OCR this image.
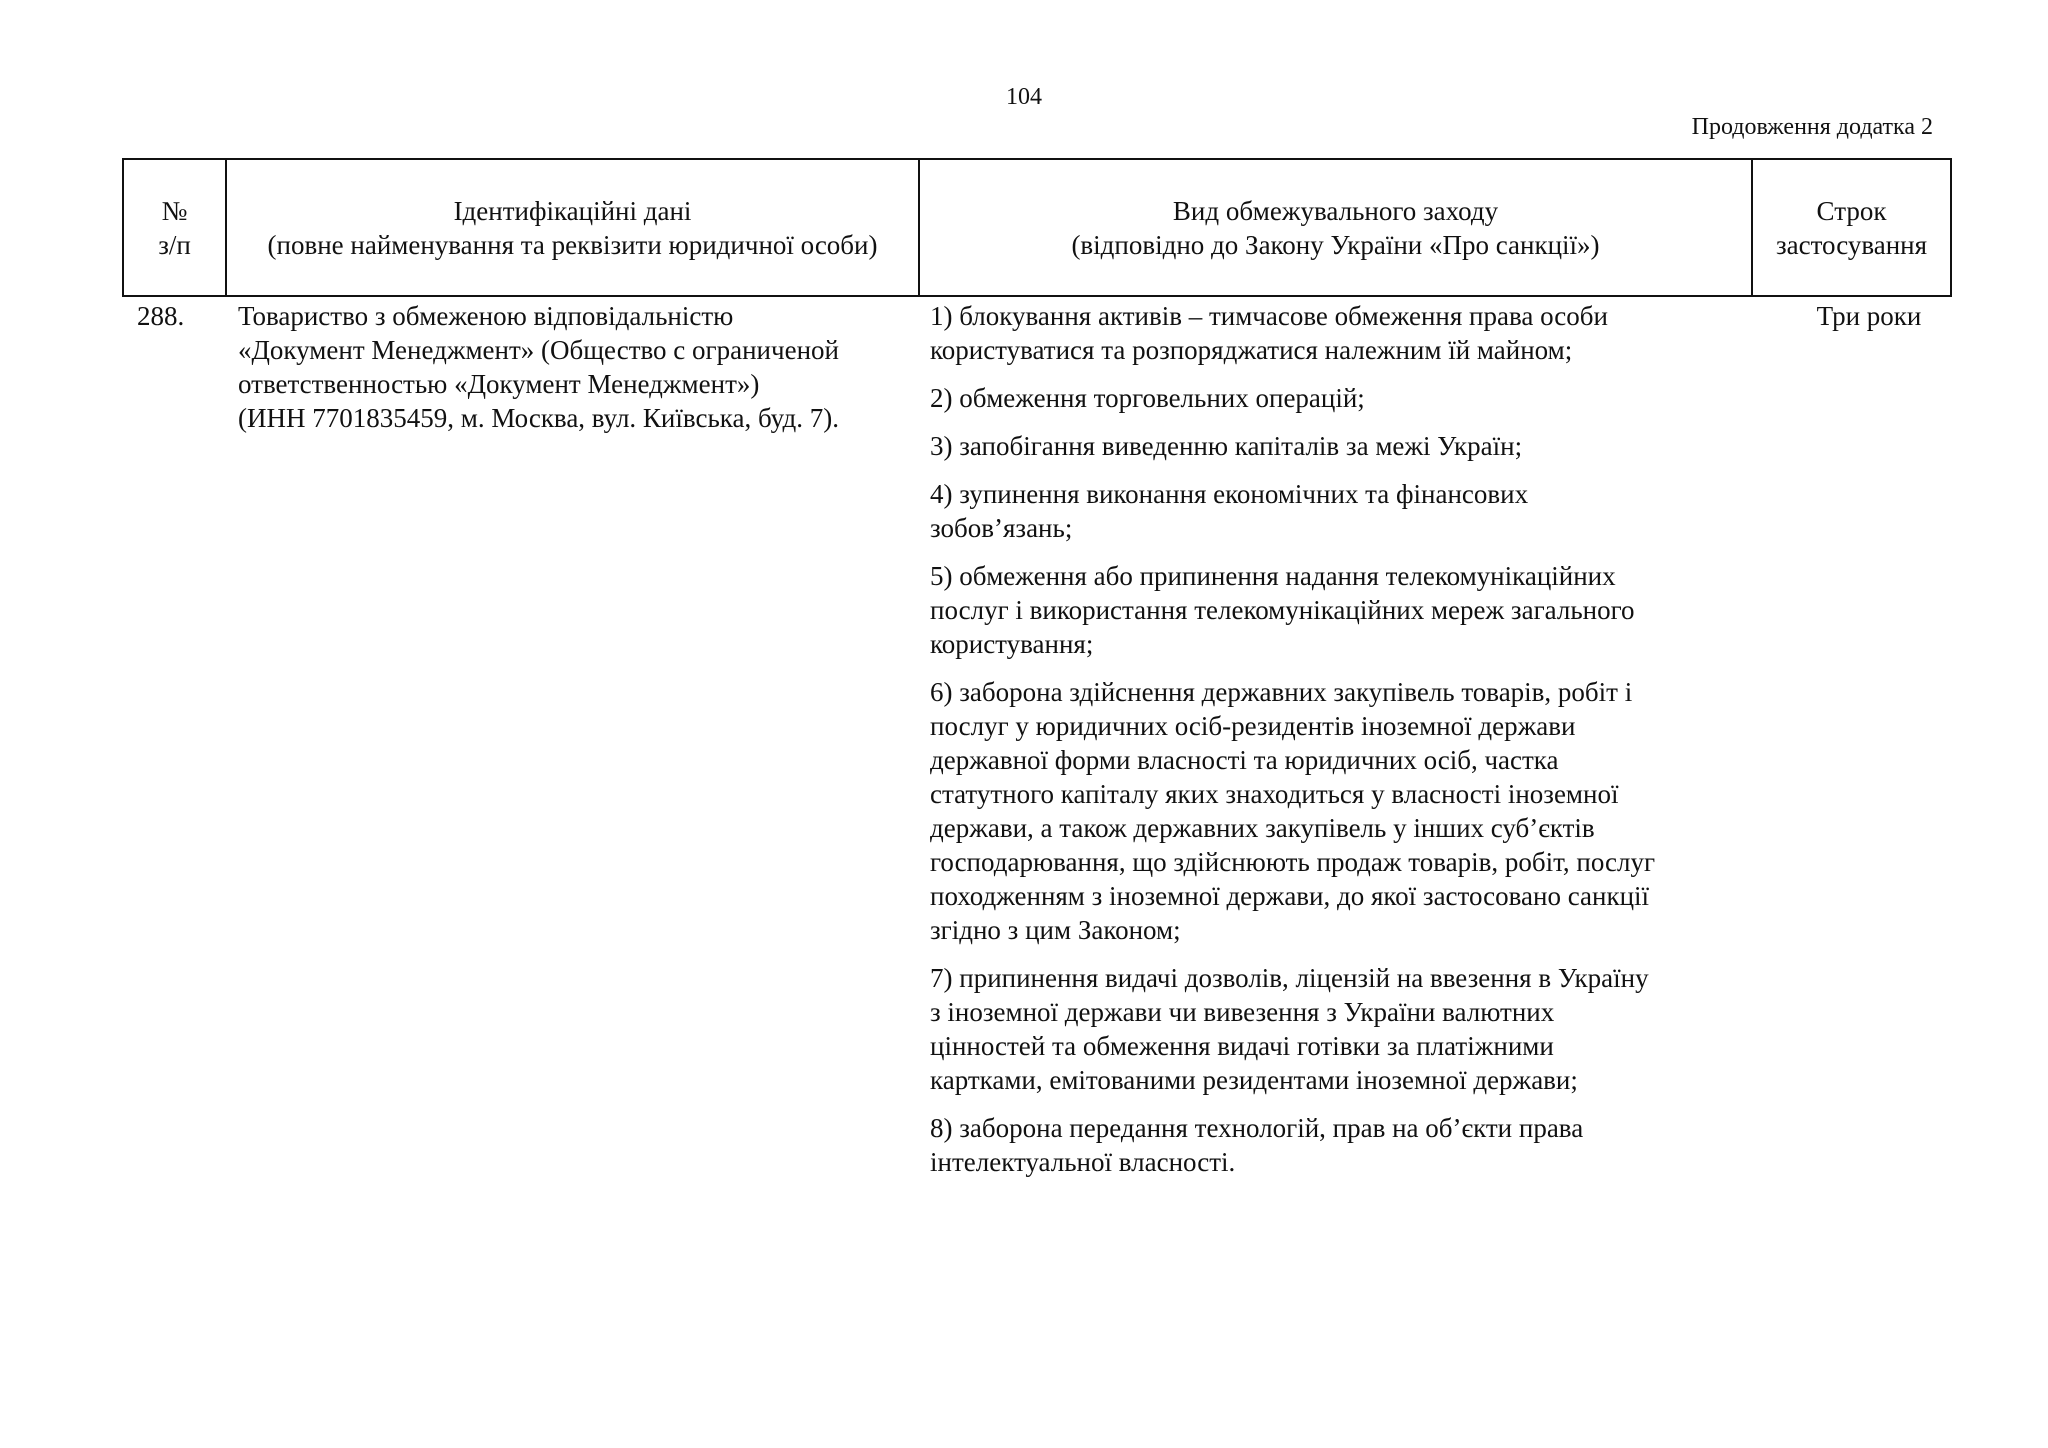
104
Продовження додатка 2
№
з/п
Ідентифікаційні дані
(повне найменування та реквізити юридичної особи)
Вид обмежувального заходу
(відповідно до Закону України «Про санкції»)
Строк
застосування
288. Товариство з обмеженою відповідальністю
«Документ Менеджмент» (Общество с ограниченой
ответственностью «Документ Менеджмент»)
(ИНН 7701835459, м. Москва, вул. Київська, буд. 7).
1) блокування активів – тимчасове обмеження права особи
користуватися та розпоряджатися належним їй майном;
2) обмеження торговельних операцій;
3) запобігання виведенню капіталів за межі Україн;
4) зупинення виконання економічних та фінансових
зобов’язань;
5) обмеження або припинення надання телекомунікаційних
послуг і використання телекомунікаційних мереж загального
користування;
6) заборона здійснення державних закупівель товарів, робіт і
послуг у юридичних осіб-резидентів іноземної держави
державної форми власності та юридичних осіб, частка
статутного капіталу яких знаходиться у власності іноземної
держави, а також державних закупівель у інших суб’єктів
господарювання, що здійснюють продаж товарів, робіт, послуг
походженням з іноземної держави, до якої застосовано санкції
згідно з цим Законом;
7) припинення видачі дозволів, ліцензій на ввезення в Україну
з іноземної держави чи вивезення з України валютних
цінностей та обмеження видачі готівки за платіжними
картками, емітованими резидентами іноземної держави;
8) заборона передання технологій, прав на об’єкти права
інтелектуальної власності.
Три роки
